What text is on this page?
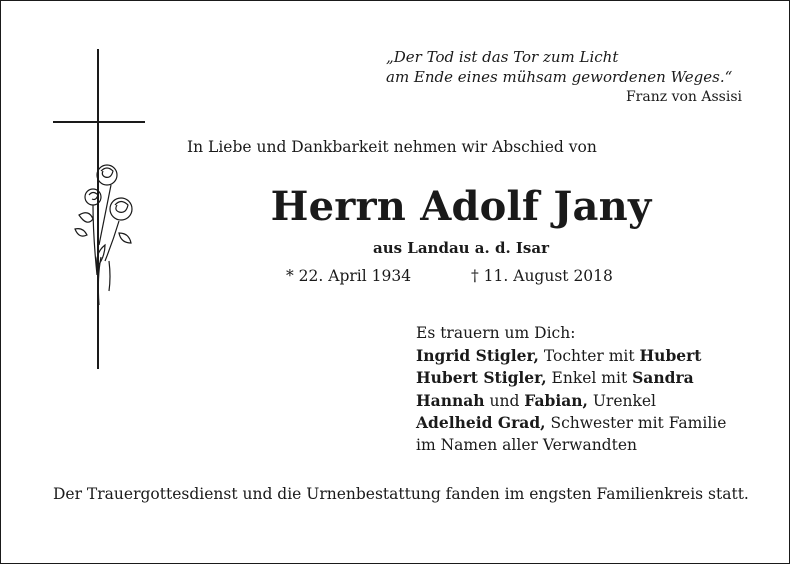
„Der Tod ist das Tor zum Licht
am Ende eines mühsam gewordenen Weges.“
Franz von Assisi
In Liebe und Dankbarkeit nehmen wir Abschied von
Herrn Adolf Jany
aus Landau a. d. Isar
* 22. April 1934	† 11. August 2018
Es trauern um Dich:
Ingrid Stigler, Tochter mit Hubert
Hubert Stigler, Enkel mit Sandra
Hannah und Fabian, Urenkel
Adelheid Grad, Schwester mit Familie
im Namen aller Verwandten
Der Trauergottesdienst und die Urnenbestattung fanden im engsten Familienkreis statt.
